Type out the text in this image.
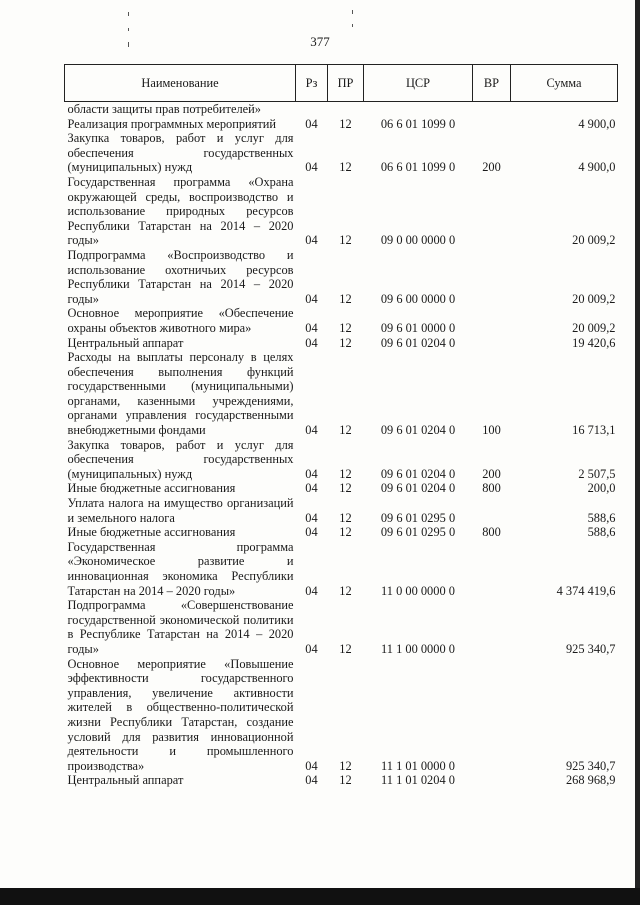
377
Наименование	Рз	ПР	ЦСР	ВР	Сумма
области защиты прав потребителей»					
Реализация программных мероприятий	04	12	06 6 01 1099 0		4 900,0
Закупка товаров, работ и услуг для обеспечения государственных (муниципальных) нужд	04	12	06 6 01 1099 0	200	4 900,0
Государственная программа «Охрана окружающей среды, воспроизводство и использование природных ресурсов Республики Татарстан на 2014 – 2020 годы»	04	12	09 0 00 0000 0		20 009,2
Подпрограмма «Воспроизводство и использование охотничьих ресурсов Республики Татарстан на 2014 – 2020 годы»	04	12	09 6 00 0000 0		20 009,2
Основное мероприятие «Обеспечение охраны объектов животного мира»	04	12	09 6 01 0000 0		20 009,2
Центральный аппарат	04	12	09 6 01 0204 0		19 420,6
Расходы на выплаты персоналу в целях обеспечения выполнения функций государственными (муниципальными) органами, казенными учреждениями, органами управления государственными внебюджетными фондами	04	12	09 6 01 0204 0	100	16 713,1
Закупка товаров, работ и услуг для обеспечения государственных (муниципальных) нужд	04	12	09 6 01 0204 0	200	2 507,5
Иные бюджетные ассигнования	04	12	09 6 01 0204 0	800	200,0
Уплата налога на имущество организаций и земельного налога	04	12	09 6 01 0295 0		588,6
Иные бюджетные ассигнования	04	12	09 6 01 0295 0	800	588,6
Государственная программа «Экономическое развитие и инновационная экономика Республики Татарстан на 2014 – 2020 годы»	04	12	11 0 00 0000 0		4 374 419,6
Подпрограмма «Совершенствование государственной экономической политики в Республике Татарстан на 2014 – 2020 годы»	04	12	11 1 00 0000 0		925 340,7
Основное мероприятие «Повышение эффективности государственного управления, увеличение активности жителей в общественно-политической жизни Республики Татарстан, создание условий для развития инновационной деятельности и промышленного производства»	04	12	11 1 01 0000 0		925 340,7
Центральный аппарат	04	12	11 1 01 0204 0		268 968,9
